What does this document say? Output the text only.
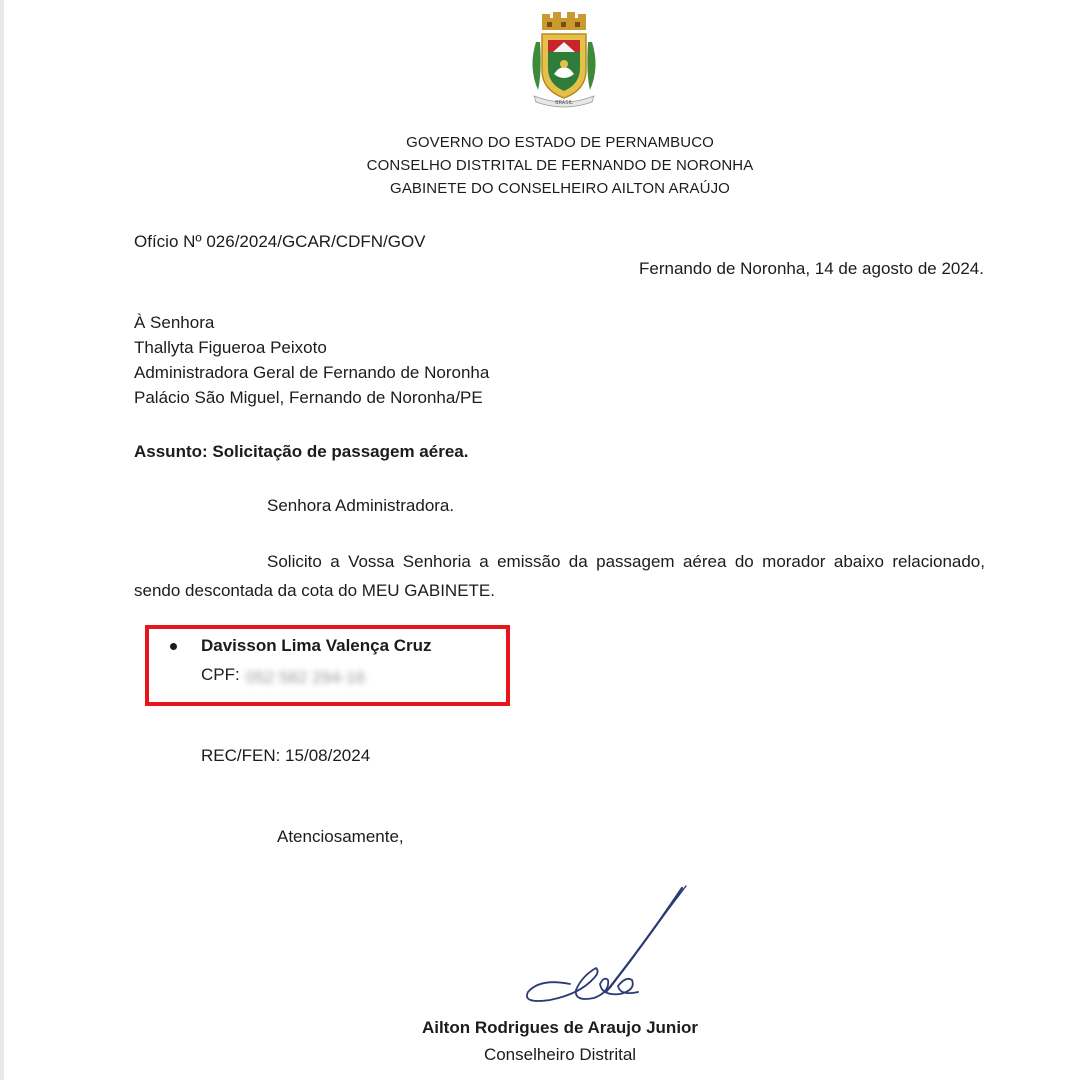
BRASIL
GOVERNO DO ESTADO DE PERNAMBUCO
CONSELHO DISTRITAL DE FERNANDO DE NORONHA
GABINETE DO CONSELHEIRO AILTON ARAÚJO
Ofício Nº 026/2024/GCAR/CDFN/GOV
Fernando de Noronha, 14 de agosto de 2024.
À Senhora
Thallyta Figueroa Peixoto
Administradora Geral de Fernando de Noronha
Palácio São Miguel, Fernando de Noronha/PE
Assunto: Solicitação de passagem aérea.
Senhora Administradora.
Solicito a Vossa Senhoria a emissão da passagem aérea do morador abaixo relacionado, sendo descontada da cota do MEU GABINETE.
Davisson Lima Valença Cruz
CPF: 052 582 294-16
REC/FEN: 15/08/2024
Atenciosamente,
Ailton Rodrigues de Araujo Junior
Conselheiro Distrital
